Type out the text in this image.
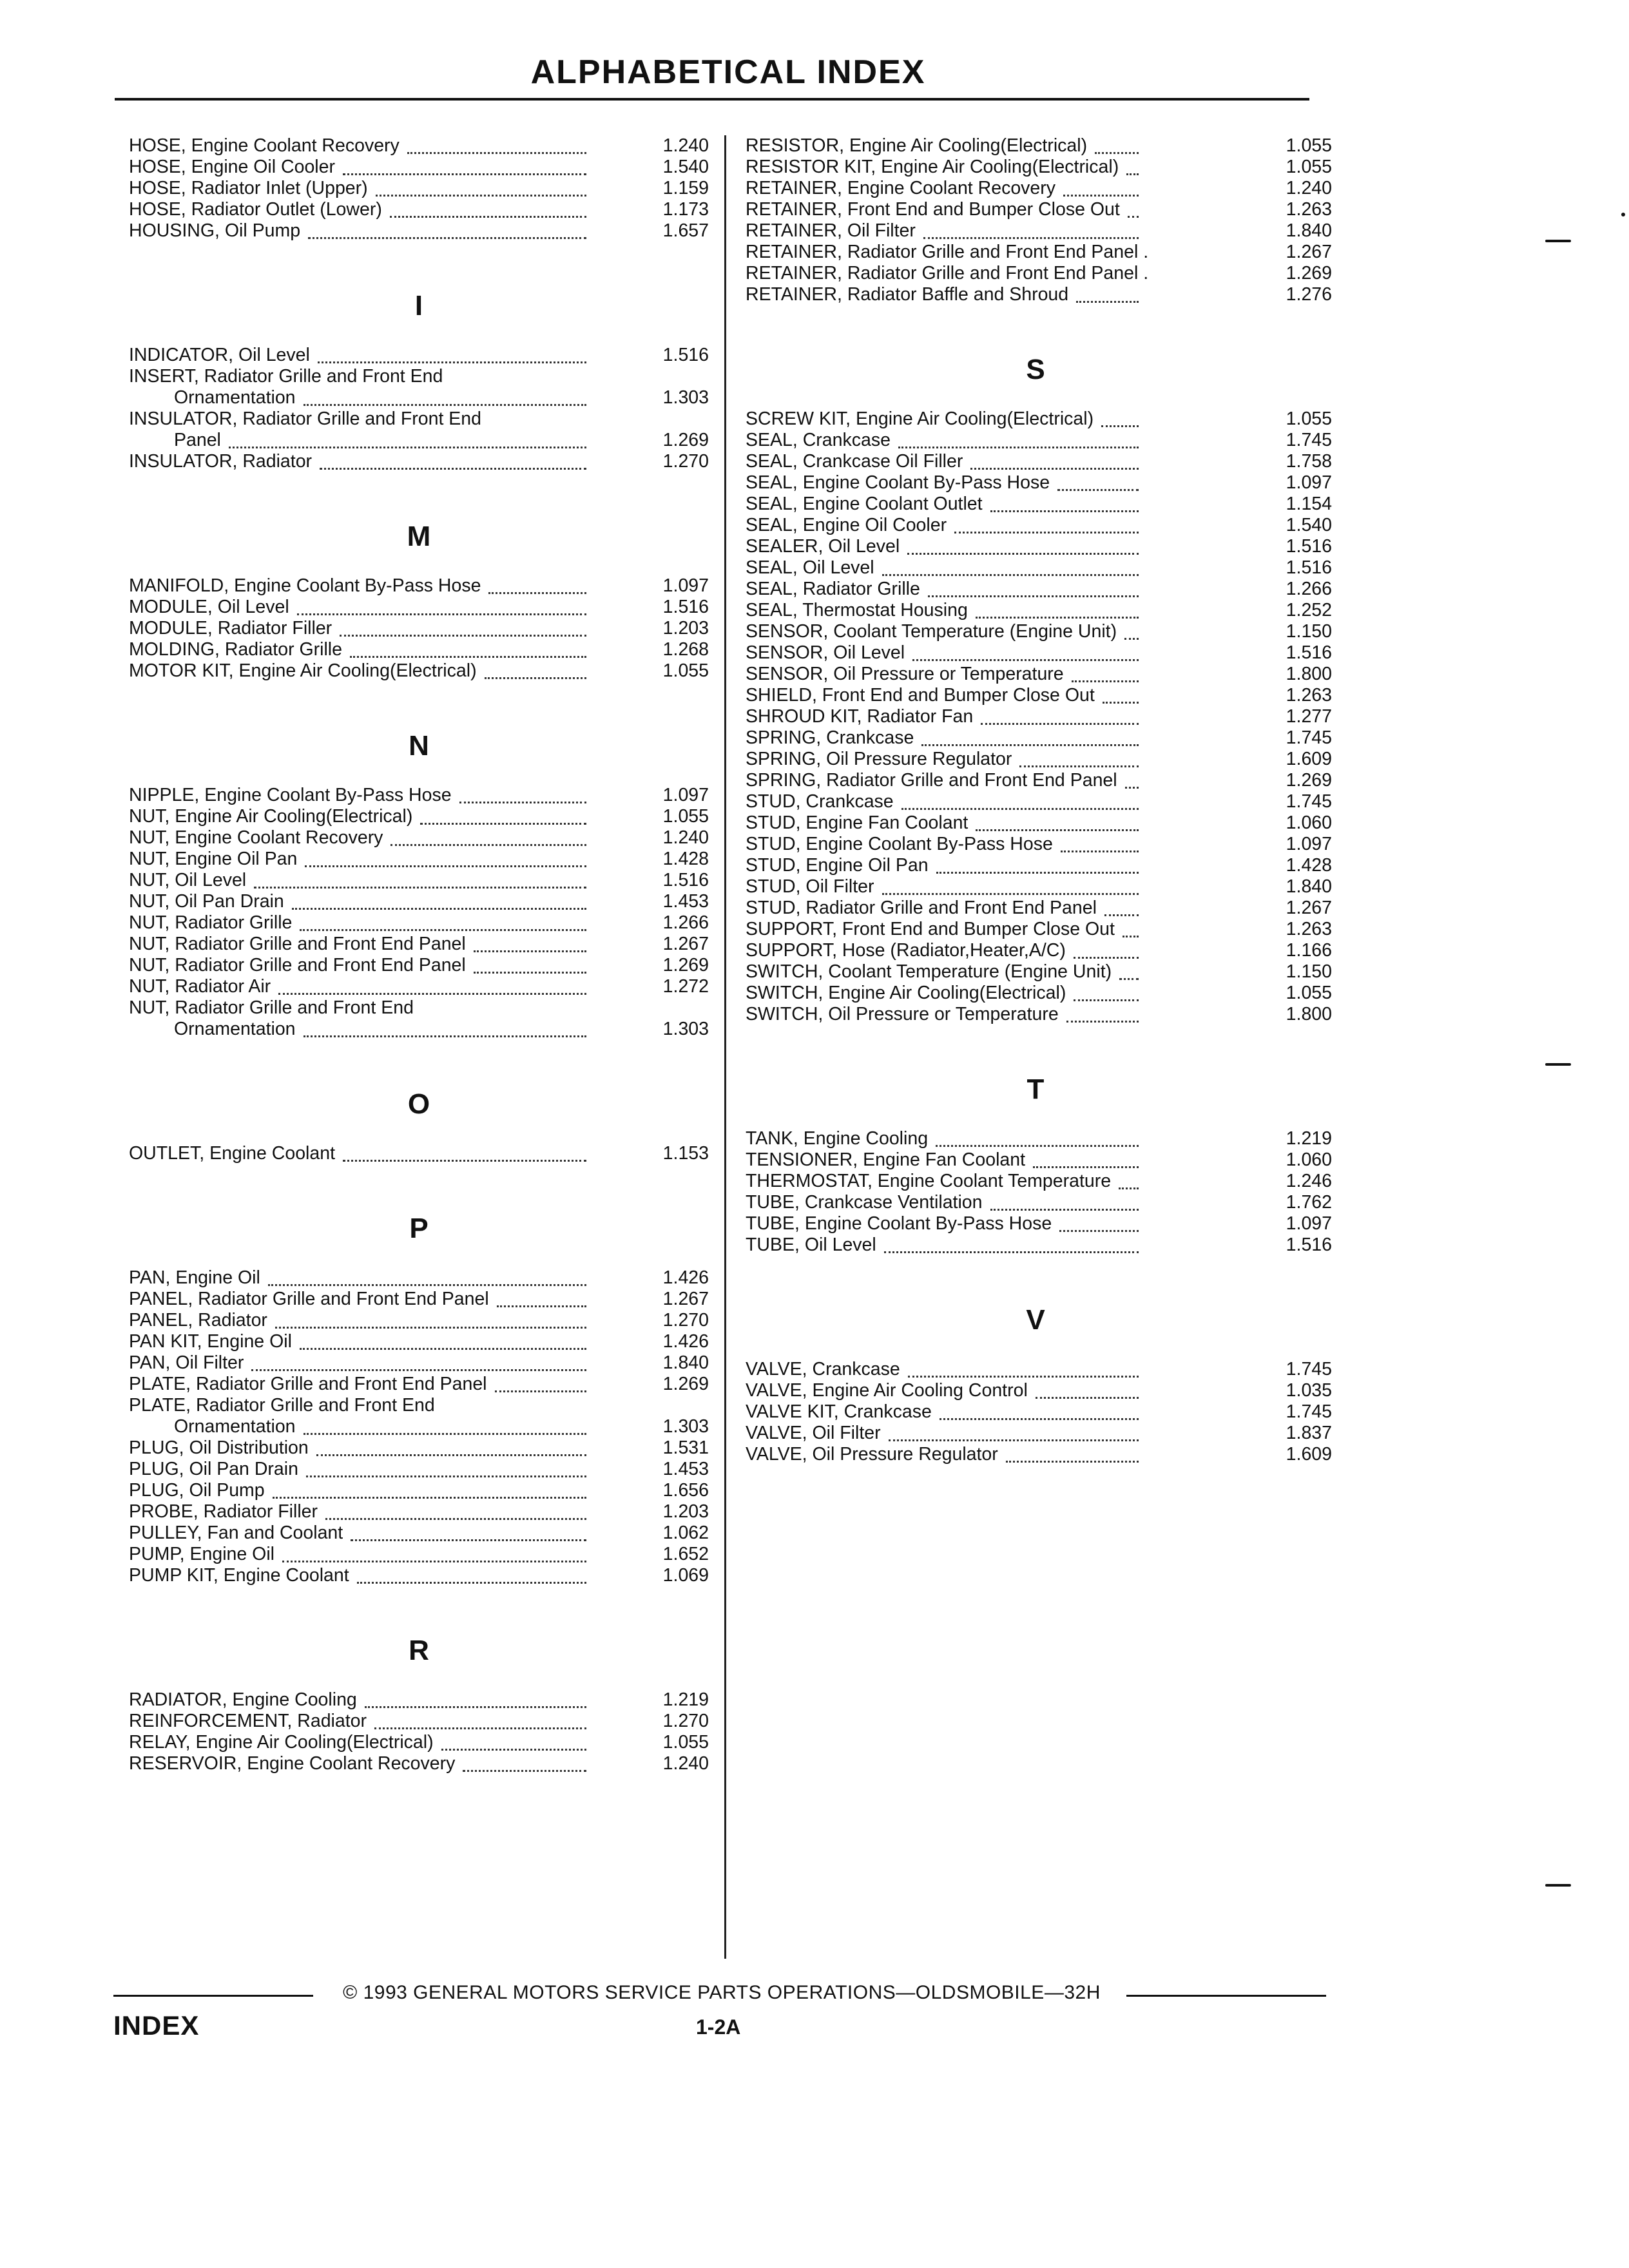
ALPHABETICAL INDEX
HOSE, Engine Coolant Recovery	1.240
HOSE, Engine Oil Cooler	1.540
HOSE, Radiator Inlet (Upper)	1.159
HOSE, Radiator Outlet (Lower)	1.173
HOUSING, Oil Pump	1.657
I
INDICATOR, Oil Level	1.516
INSERT, Radiator Grille and Front End
Ornamentation	1.303
INSULATOR, Radiator Grille and Front End
Panel	1.269
INSULATOR, Radiator	1.270
M
MANIFOLD, Engine Coolant By-Pass Hose	1.097
MODULE, Oil Level	1.516
MODULE, Radiator Filler	1.203
MOLDING, Radiator Grille	1.268
MOTOR KIT, Engine Air Cooling(Electrical)	1.055
N
NIPPLE, Engine Coolant By-Pass Hose	1.097
NUT, Engine Air Cooling(Electrical)	1.055
NUT, Engine Coolant Recovery	1.240
NUT, Engine Oil Pan	1.428
NUT, Oil Level	1.516
NUT, Oil Pan Drain	1.453
NUT, Radiator Grille	1.266
NUT, Radiator Grille and Front End Panel	1.267
NUT, Radiator Grille and Front End Panel	1.269
NUT, Radiator Air	1.272
NUT, Radiator Grille and Front End
Ornamentation	1.303
O
OUTLET, Engine Coolant	1.153
P
PAN, Engine Oil	1.426
PANEL, Radiator Grille and Front End Panel	1.267
PANEL, Radiator	1.270
PAN KIT, Engine Oil	1.426
PAN, Oil Filter	1.840
PLATE, Radiator Grille and Front End Panel	1.269
PLATE, Radiator Grille and Front End
Ornamentation	1.303
PLUG, Oil Distribution	1.531
PLUG, Oil Pan Drain	1.453
PLUG, Oil Pump	1.656
PROBE, Radiator Filler	1.203
PULLEY, Fan and Coolant	1.062
PUMP, Engine Oil	1.652
PUMP KIT, Engine Coolant	1.069
R
RADIATOR, Engine Cooling	1.219
REINFORCEMENT, Radiator	1.270
RELAY, Engine Air Cooling(Electrical)	1.055
RESERVOIR, Engine Coolant Recovery	1.240
RESISTOR, Engine Air Cooling(Electrical)	1.055
RESISTOR KIT, Engine Air Cooling(Electrical)	1.055
RETAINER, Engine Coolant Recovery	1.240
RETAINER, Front End and Bumper Close Out	1.263
RETAINER, Oil Filter	1.840
RETAINER, Radiator Grille and Front End Panel .	1.267
RETAINER, Radiator Grille and Front End Panel .	1.269
RETAINER, Radiator Baffle and Shroud	1.276
S
SCREW KIT, Engine Air Cooling(Electrical)	1.055
SEAL, Crankcase	1.745
SEAL, Crankcase Oil Filler	1.758
SEAL, Engine Coolant By-Pass Hose	1.097
SEAL, Engine Coolant Outlet	1.154
SEAL, Engine Oil Cooler	1.540
SEALER, Oil Level	1.516
SEAL, Oil Level	1.516
SEAL, Radiator Grille	1.266
SEAL, Thermostat Housing	1.252
SENSOR, Coolant Temperature (Engine Unit)	1.150
SENSOR, Oil Level	1.516
SENSOR, Oil Pressure or Temperature	1.800
SHIELD, Front End and Bumper Close Out	1.263
SHROUD KIT, Radiator Fan	1.277
SPRING, Crankcase	1.745
SPRING, Oil Pressure Regulator	1.609
SPRING, Radiator Grille and Front End Panel	1.269
STUD, Crankcase	1.745
STUD, Engine Fan Coolant	1.060
STUD, Engine Coolant By-Pass Hose	1.097
STUD, Engine Oil Pan	1.428
STUD, Oil Filter	1.840
STUD, Radiator Grille and Front End Panel	1.267
SUPPORT, Front End and Bumper Close Out	1.263
SUPPORT, Hose (Radiator,Heater,A/C)	1.166
SWITCH, Coolant Temperature (Engine Unit)	1.150
SWITCH, Engine Air Cooling(Electrical)	1.055
SWITCH, Oil Pressure or Temperature	1.800
T
TANK, Engine Cooling	1.219
TENSIONER, Engine Fan Coolant	1.060
THERMOSTAT, Engine Coolant Temperature	1.246
TUBE, Crankcase Ventilation	1.762
TUBE, Engine Coolant By-Pass Hose	1.097
TUBE, Oil Level	1.516
V
VALVE, Crankcase	1.745
VALVE, Engine Air Cooling Control	1.035
VALVE KIT, Crankcase	1.745
VALVE, Oil Filter	1.837
VALVE, Oil Pressure Regulator	1.609
© 1993 GENERAL MOTORS SERVICE PARTS OPERATIONS—OLDSMOBILE—32H
INDEX	1-2A
